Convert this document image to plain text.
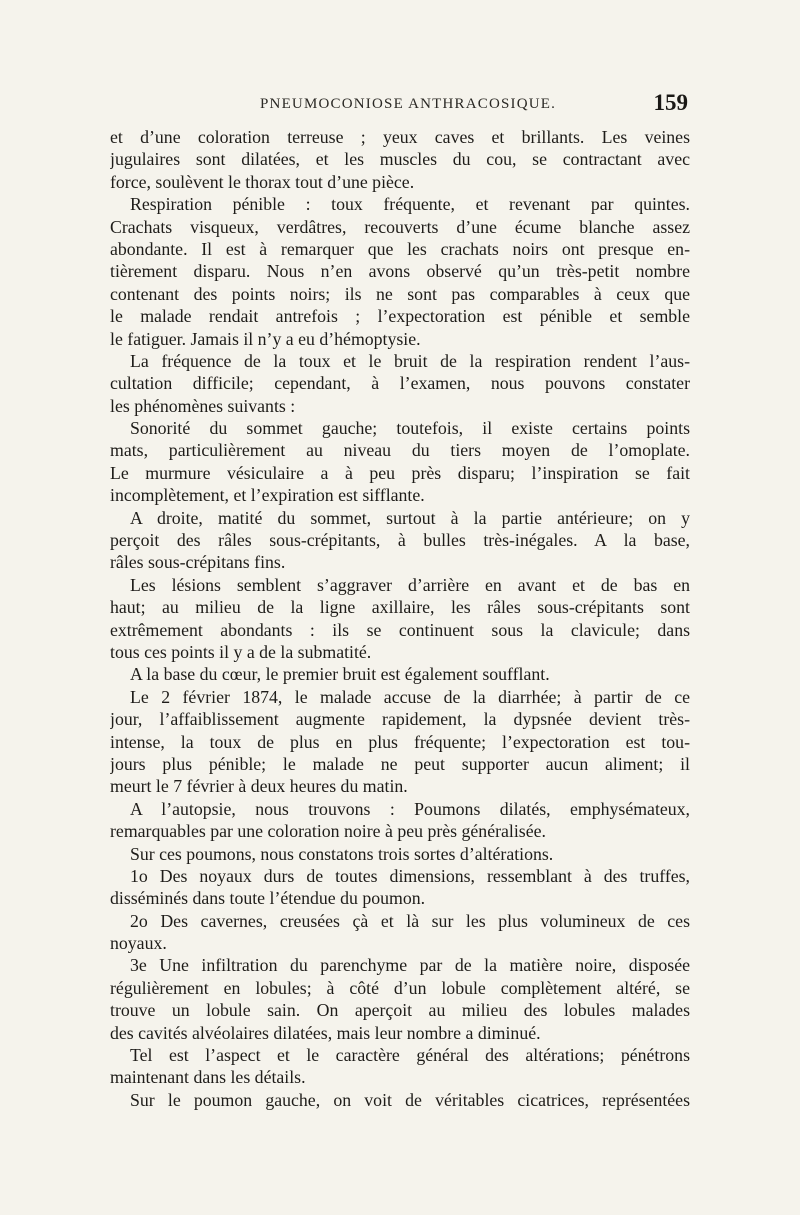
PNEUMOCONIOSE ANTHRACOSIQUE.	159
et d’une coloration terreuse ; yeux caves et brillants. Les veines
jugulaires sont dilatées, et les muscles du cou, se contractant avec
force, soulèvent le thorax tout d’une pièce.
Respiration pénible : toux fréquente, et revenant par quintes.
Crachats visqueux, verdâtres, recouverts d’une écume blanche assez
abondante. Il est à remarquer que les crachats noirs ont presque en-
tièrement disparu. Nous n’en avons observé qu’un très-petit nombre
contenant des points noirs; ils ne sont pas comparables à ceux que
le malade rendait antrefois ; l’expectoration est pénible et semble
le fatiguer. Jamais il n’y a eu d’hémoptysie.
La fréquence de la toux et le bruit de la respiration rendent l’aus-
cultation difficile; cependant, à l’examen, nous pouvons constater
les phénomènes suivants :
Sonorité du sommet gauche; toutefois, il existe certains points
mats, particulièrement au niveau du tiers moyen de l’omoplate.
Le murmure vésiculaire a à peu près disparu; l’inspiration se fait
incomplètement, et l’expiration est sifflante.
A droite, matité du sommet, surtout à la partie antérieure; on y
perçoit des râles sous-crépitants, à bulles très-inégales. A la base,
râles sous-crépitans fins.
Les lésions semblent s’aggraver d’arrière en avant et de bas en
haut; au milieu de la ligne axillaire, les râles sous-crépitants sont
extrêmement abondants : ils se continuent sous la clavicule; dans
tous ces points il y a de la submatité.
A la base du cœur, le premier bruit est également soufflant.
Le 2 février 1874, le malade accuse de la diarrhée; à partir de ce
jour, l’affaiblissement augmente rapidement, la dypsnée devient très-
intense, la toux de plus en plus fréquente; l’expectoration est tou-
jours plus pénible; le malade ne peut supporter aucun aliment; il
meurt le 7 février à deux heures du matin.
A l’autopsie, nous trouvons : Poumons dilatés, emphysémateux,
remarquables par une coloration noire à peu près généralisée.
Sur ces poumons, nous constatons trois sortes d’altérations.
1o Des noyaux durs de toutes dimensions, ressemblant à des truffes,
disséminés dans toute l’étendue du poumon.
2o Des cavernes, creusées çà et là sur les plus volumineux de ces
noyaux.
3e Une infiltration du parenchyme par de la matière noire, disposée
régulièrement en lobules; à côté d’un lobule complètement altéré, se
trouve un lobule sain. On aperçoit au milieu des lobules malades
des cavités alvéolaires dilatées, mais leur nombre a diminué.
Tel est l’aspect et le caractère général des altérations; pénétrons
maintenant dans les détails.
Sur le poumon gauche, on voit de véritables cicatrices, représentées
